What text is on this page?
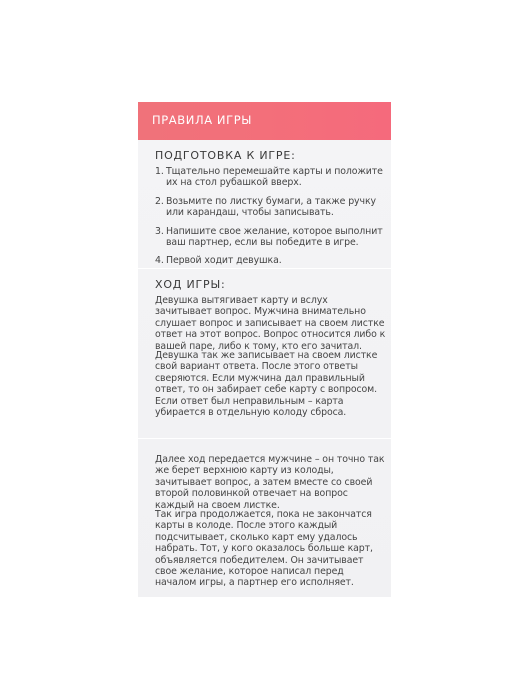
ПРАВИЛА ИГРЫ
ПОДГОТОВКА К ИГРЕ:
1. Тщательно перемешайте карты и положите их на стол рубашкой вверх.
2. Возьмите по листку бумаги, а также ручку или карандаш, чтобы записывать.
3. Напишите свое желание, которое выполнит ваш партнер, если вы победите в игре.
4. Первой ходит девушка.
ХОД ИГРЫ:

Девушка вытягивает карту и вслух зачитывает вопрос. Мужчина внимательно слушает вопрос и записывает на своем листке ответ на этот вопрос. Вопрос относится либо к вашей паре, либо к тому, кто его зачитал.

Девушка так же записывает на своем листке свой вариант ответа. После этого ответы сверяются. Если мужчина дал правильный ответ, то он забирает себе карту с вопросом. Если ответ был неправильным – карта убирается в отдельную колоду сброса.

Далее ход передается мужчине – он точно так же берет верхнюю карту из колоды, зачитывает вопрос, а затем вместе со своей второй половинкой отвечает на вопрос каждый на своем листке.

Так игра продолжается, пока не закончатся карты в колоде. После этого каждый подсчитывает, сколько карт ему удалось набрать. Тот, у кого оказалось больше карт, объявляется победителем. Он зачитывает свое желание, которое написал перед началом игры, а партнер его исполняет.
